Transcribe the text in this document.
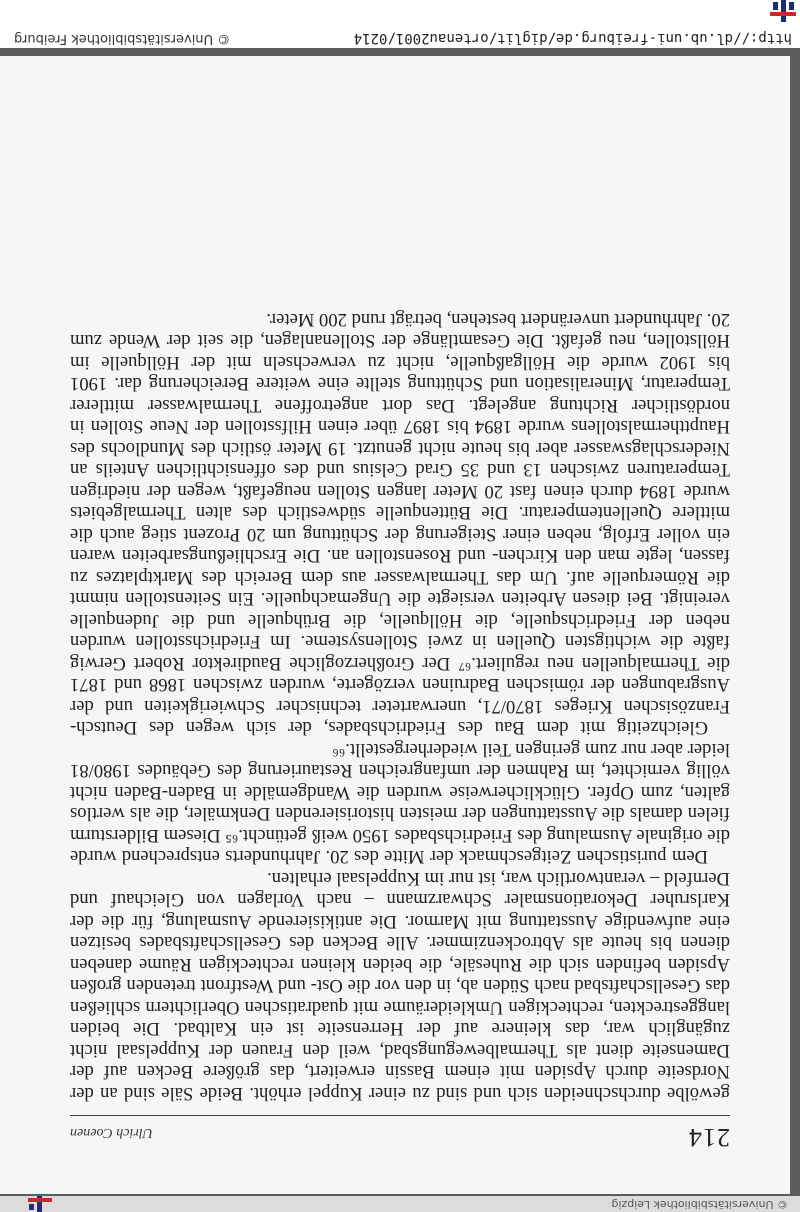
© Universitätsbibliothek Leipzig
214
Ulrich Coenen

gewölbe durchschneiden sich und sind zu einer Kuppel erhöht. Beide Säle sind an der Nordseite durch Apsiden mit einem Bassin erweitert, das größere Becken auf der Damenseite dient als Thermalbewegungsbad, weil den Frauen der Kuppelsaal nicht zugänglich war, das kleinere auf der Herrenseite ist ein Kaltbad. Die beiden langgestreckten, rechteckigen Umkleideräume mit quadratischen Oberlichtern schließen das Gesellschaftsbad nach Süden ab, in den vor die Ost- und Westfront tretenden großen Apsiden befinden sich die Ruhesäle, die beiden kleinen rechteckigen Räume daneben dienen bis heute als Abtrockenzimmer. Alle Becken des Gesellschaftsbades besitzen eine aufwendige Ausstattung mit Marmor. Die antikisierende Ausmalung, für die der Karlsruher Dekorationsmaler Schwarzmann – nach Vorlagen von Gleichauf und Dernfeld – verantwortlich war, ist nur im Kuppelsaal erhalten.

Dem puristischen Zeitgeschmack der Mitte des 20. Jahrhunderts entsprechend wurde die originale Ausmalung des Friedrichsbades 1950 weiß getüncht.⁶⁵ Diesem Bildersturm fielen damals die Ausstattungen der meisten historisierenden Denkmäler, die als wertlos galten, zum Opfer. Glücklicherweise wurden die Wandgemälde in Baden-Baden nicht völlig vernichtet, im Rahmen der umfangreichen Restaurierung des Gebäudes 1980/81 leider aber nur zum geringen Teil wiederhergestellt.⁶⁶

Gleichzeitig mit dem Bau des Friedrichsbades, der sich wegen des Deutsch-Französischen Krieges 1870/71, unerwarteter technischer Schwierigkeiten und der Ausgrabungen der römischen Badruinen verzögerte, wurden zwischen 1868 und 1871 die Thermalquellen neu reguliert.⁶⁷ Der Großherzogliche Baudirektor Robert Gerwig faßte die wichtigsten Quellen in zwei Stollensysteme. Im Friedrichsstollen wurden neben der Friedrichsquelle, die Höllquelle, die Brühquelle und die Judenquelle vereinigt. Bei diesen Arbeiten versiegte die Ungemachquelle. Ein Seitenstollen nimmt die Römerquelle auf. Um das Thermalwasser aus dem Bereich des Marktplatzes zu fassen, legte man den Kirchen- und Rosenstollen an. Die Erschließungsarbeiten waren ein voller Erfolg, neben einer Steigerung der Schüttung um 20 Prozent stieg auch die mittlere Quellentemperatur. Die Büttenquelle südwestlich des alten Thermalgebiets wurde 1894 durch einen fast 20 Meter langen Stollen neugefaßt, wegen der niedrigen Temperaturen zwischen 13 und 35 Grad Celsius und des offensichtlichen Anteils an Niederschlagswasser aber bis heute nicht genutzt. 19 Meter östlich des Mundlochs des Hauptthermalstollens wurde 1894 bis 1897 über einen Hilfsstollen der Neue Stollen in nordöstlicher Richtung angelegt. Das dort angetroffene Thermalwasser mittlerer Temperatur, Mineralisation und Schüttung stellte eine weitere Bereicherung dar. 1901 bis 1902 wurde die Höllgaßquelle, nicht zu verwechseln mit der Höllquelle im Höllstollen, neu gefaßt. Die Gesamtlänge der Stollenanlagen, die seit der Wende zum 20. Jahrhundert unverändert bestehen, beträgt rund 200 Meter.

http://dl.ub.uni-freiburg.de/diglit/ortenau2001/0214
© Universitätsbibliothek Freiburg
